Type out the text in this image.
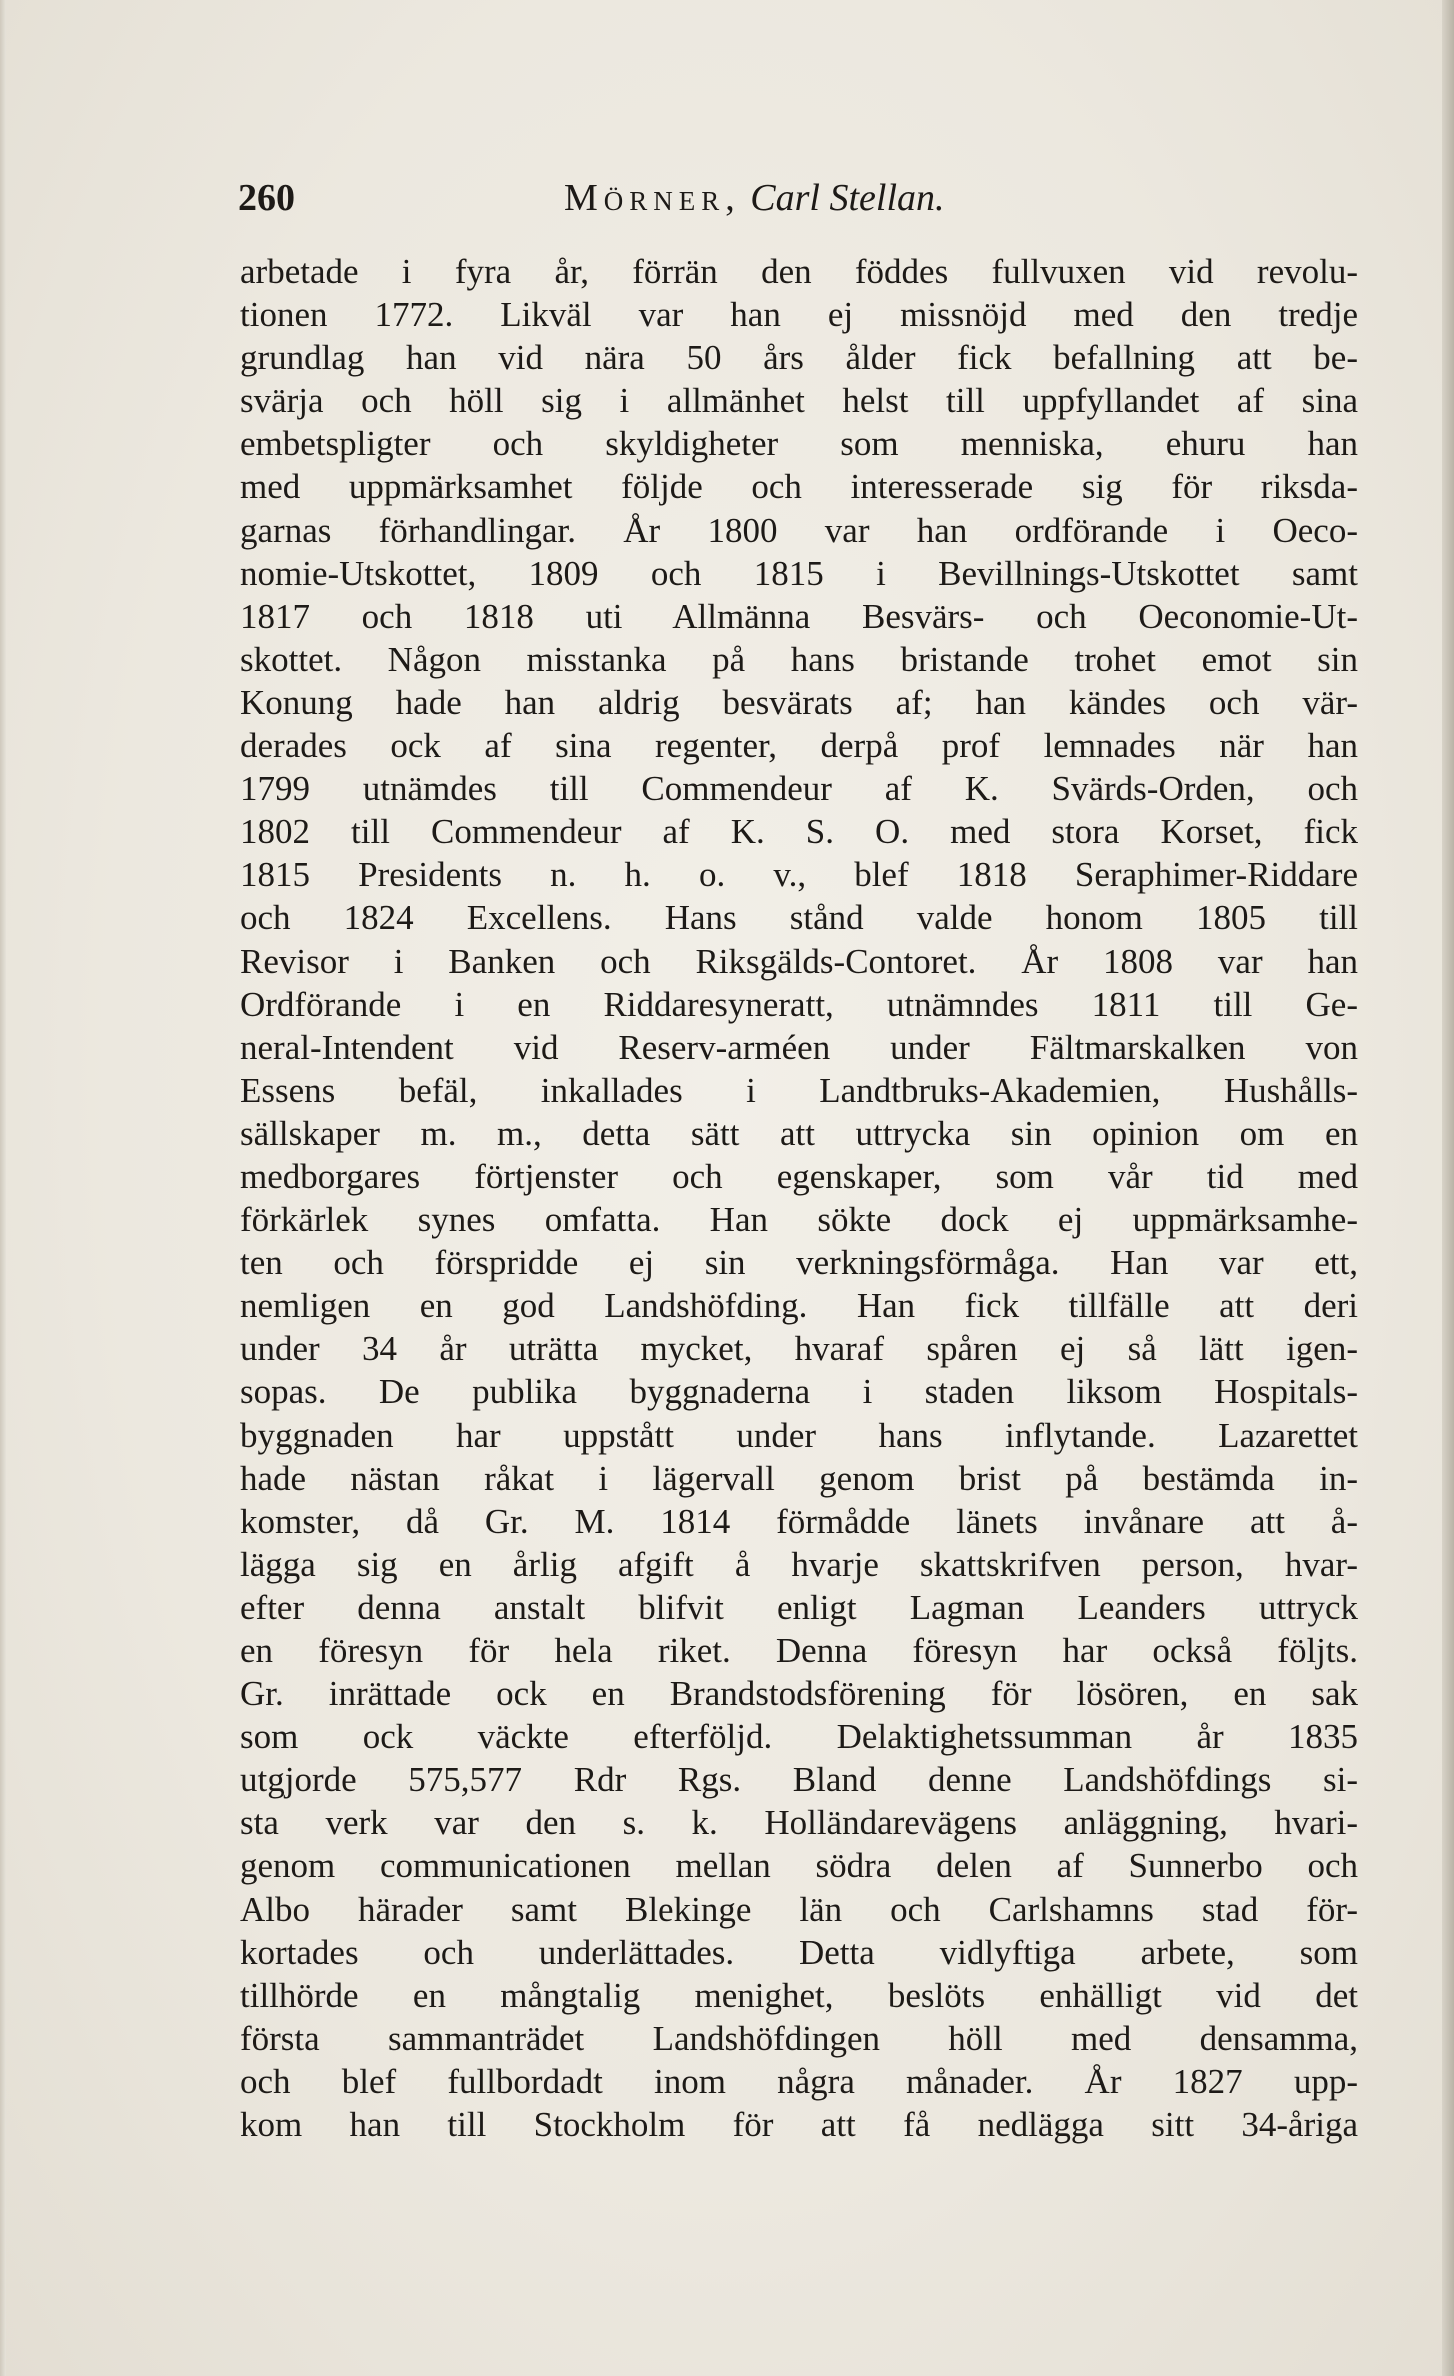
260	Mörner, Carl Stellan.
arbetade i fyra år, förrän den föddes fullvuxen vid revolu-
tionen 1772. Likväl var han ej missnöjd med den tredje
grundlag han vid nära 50 års ålder fick befallning att be-
svärja och höll sig i allmänhet helst till uppfyllandet af sina
embetspligter och skyldigheter som menniska, ehuru han
med uppmärksamhet följde och interesserade sig för riksda-
garnas förhandlingar. År 1800 var han ordförande i Oeco-
nomie-Utskottet, 1809 och 1815 i Bevillnings-Utskottet samt
1817 och 1818 uti Allmänna Besvärs- och Oeconomie-Ut-
skottet. Någon misstanka på hans bristande trohet emot sin
Konung hade han aldrig besvärats af; han kändes och vär-
derades ock af sina regenter, derpå prof lemnades när han
1799 utnämdes till Commendeur af K. Svärds-Orden, och
1802 till Commendeur af K. S. O. med stora Korset, fick
1815 Presidents n. h. o. v., blef 1818 Seraphimer-Riddare
och 1824 Excellens. Hans stånd valde honom 1805 till
Revisor i Banken och Riksgälds-Contoret. År 1808 var han
Ordförande i en Riddaresyneratt, utnämndes 1811 till Ge-
neral-Intendent vid Reserv-arméen under Fältmarskalken von
Essens befäl, inkallades i Landtbruks-Akademien, Hushålls-
sällskaper m. m., detta sätt att uttrycka sin opinion om en
medborgares förtjenster och egenskaper, som vår tid med
förkärlek synes omfatta. Han sökte dock ej uppmärksamhe-
ten och förspridde ej sin verkningsförmåga. Han var ett,
nemligen en god Landshöfding. Han fick tillfälle att deri
under 34 år uträtta mycket, hvaraf spåren ej så lätt igen-
sopas. De publika byggnaderna i staden liksom Hospitals-
byggnaden har uppstått under hans inflytande. Lazarettet
hade nästan råkat i lägervall genom brist på bestämda in-
komster, då Gr. M. 1814 förmådde länets invånare att å-
lägga sig en årlig afgift å hvarje skattskrifven person, hvar-
efter denna anstalt blifvit enligt Lagman Leanders uttryck
en föresyn för hela riket. Denna föresyn har också följts.
Gr. inrättade ock en Brandstodsförening för lösören, en sak
som ock väckte efterföljd. Delaktighetssumman år 1835
utgjorde 575,577 Rdr Rgs. Bland denne Landshöfdings si-
sta verk var den s. k. Holländarevägens anläggning, hvari-
genom communicationen mellan södra delen af Sunnerbo och
Albo härader samt Blekinge län och Carlshamns stad för-
kortades och underlättades. Detta vidlyftiga arbete, som
tillhörde en mångtalig menighet, beslöts enhälligt vid det
första sammanträdet Landshöfdingen höll med densamma,
och blef fullbordadt inom några månader. År 1827 upp-
kom han till Stockholm för att få nedlägga sitt 34-åriga
